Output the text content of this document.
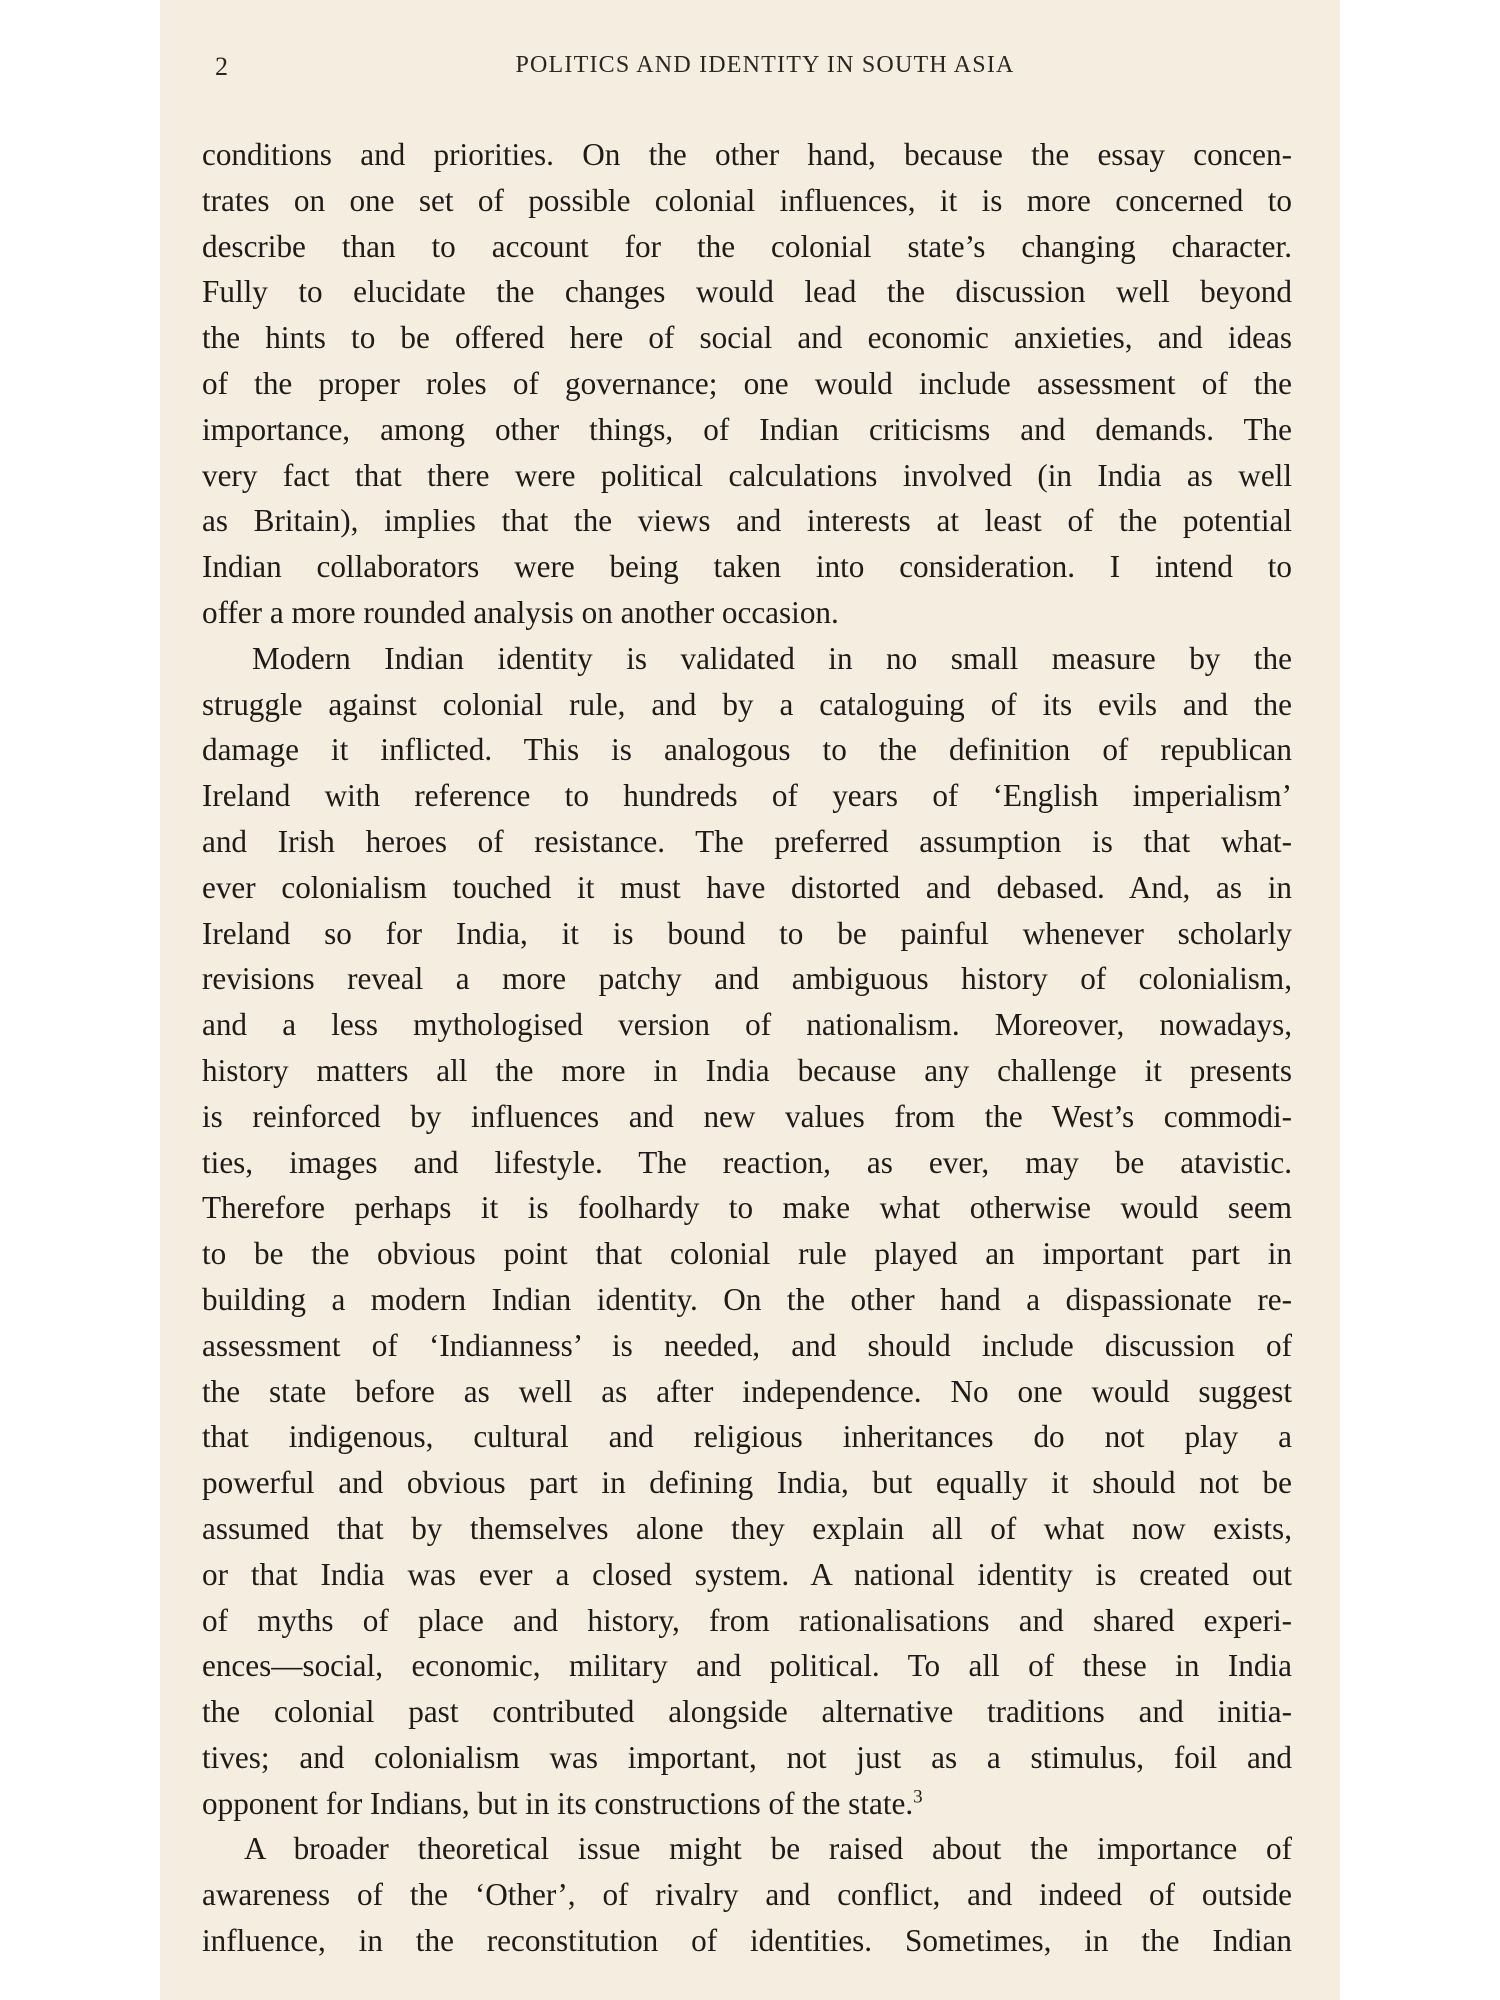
2	POLITICS AND IDENTITY IN SOUTH ASIA
conditions and priorities. On the other hand, because the essay concen-
trates on one set of possible colonial influences, it is more concerned to
describe than to account for the colonial state’s changing character.
Fully to elucidate the changes would lead the discussion well beyond
the hints to be offered here of social and economic anxieties, and ideas
of the proper roles of governance; one would include assessment of the
importance, among other things, of Indian criticisms and demands. The
very fact that there were political calculations involved (in India as well
as Britain), implies that the views and interests at least of the potential
Indian collaborators were being taken into consideration. I intend to
offer a more rounded analysis on another occasion.
Modern Indian identity is validated in no small measure by the
struggle against colonial rule, and by a cataloguing of its evils and the
damage it inflicted. This is analogous to the definition of republican
Ireland with reference to hundreds of years of ‘English imperialism’
and Irish heroes of resistance. The preferred assumption is that what-
ever colonialism touched it must have distorted and debased. And, as in
Ireland so for India, it is bound to be painful whenever scholarly
revisions reveal a more patchy and ambiguous history of colonialism,
and a less mythologised version of nationalism. Moreover, nowadays,
history matters all the more in India because any challenge it presents
is reinforced by influences and new values from the West’s commodi-
ties, images and lifestyle. The reaction, as ever, may be atavistic.
Therefore perhaps it is foolhardy to make what otherwise would seem
to be the obvious point that colonial rule played an important part in
building a modern Indian identity. On the other hand a dispassionate re-
assessment of ‘Indianness’ is needed, and should include discussion of
the state before as well as after independence. No one would suggest
that indigenous, cultural and religious inheritances do not play a
powerful and obvious part in defining India, but equally it should not be
assumed that by themselves alone they explain all of what now exists,
or that India was ever a closed system. A national identity is created out
of myths of place and history, from rationalisations and shared experi-
ences—social, economic, military and political. To all of these in India
the colonial past contributed alongside alternative traditions and initia-
tives; and colonialism was important, not just as a stimulus, foil and
opponent for Indians, but in its constructions of the state.$^3$
A broader theoretical issue might be raised about the importance of
awareness of the ‘Other’, of rivalry and conflict, and indeed of outside
influence, in the reconstitution of identities. Sometimes, in the Indian
